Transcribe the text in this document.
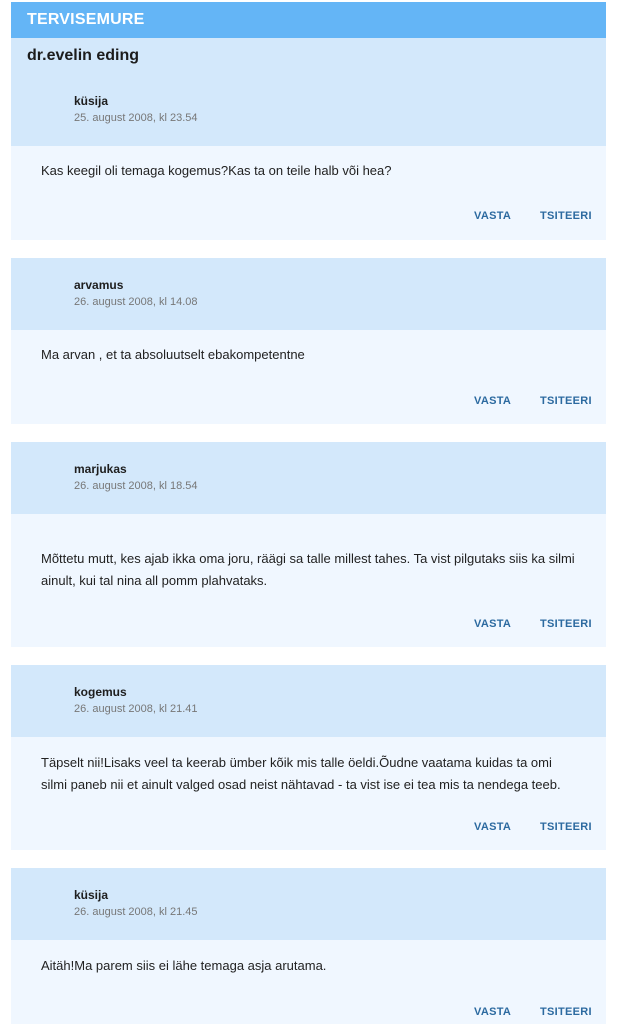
TERVISEMURE
dr.evelin eding
küsija
25. august 2008, kl 23.54
Kas keegil oli temaga kogemus?Kas ta on teile halb või hea?
VASTA	TSITEERI
arvamus
26. august 2008, kl 14.08
Ma arvan , et ta absoluutselt ebakompetentne
VASTA	TSITEERI
marjukas
26. august 2008, kl 18.54
Mõttetu mutt, kes ajab ikka oma joru, räägi sa talle millest tahes. Ta vist pilgutaks siis ka silmi ainult, kui tal nina all pomm plahvataks.
VASTA	TSITEERI
kogemus
26. august 2008, kl 21.41
Täpselt nii!Lisaks veel ta keerab ümber kõik mis talle öeldi.Õudne vaatama kuidas ta omi silmi paneb nii et ainult valged osad neist nähtavad - ta vist ise ei tea mis ta nendega teeb.
VASTA	TSITEERI
küsija
26. august 2008, kl 21.45
Aitäh!Ma parem siis ei lähe temaga asja arutama.
VASTA	TSITEERI
